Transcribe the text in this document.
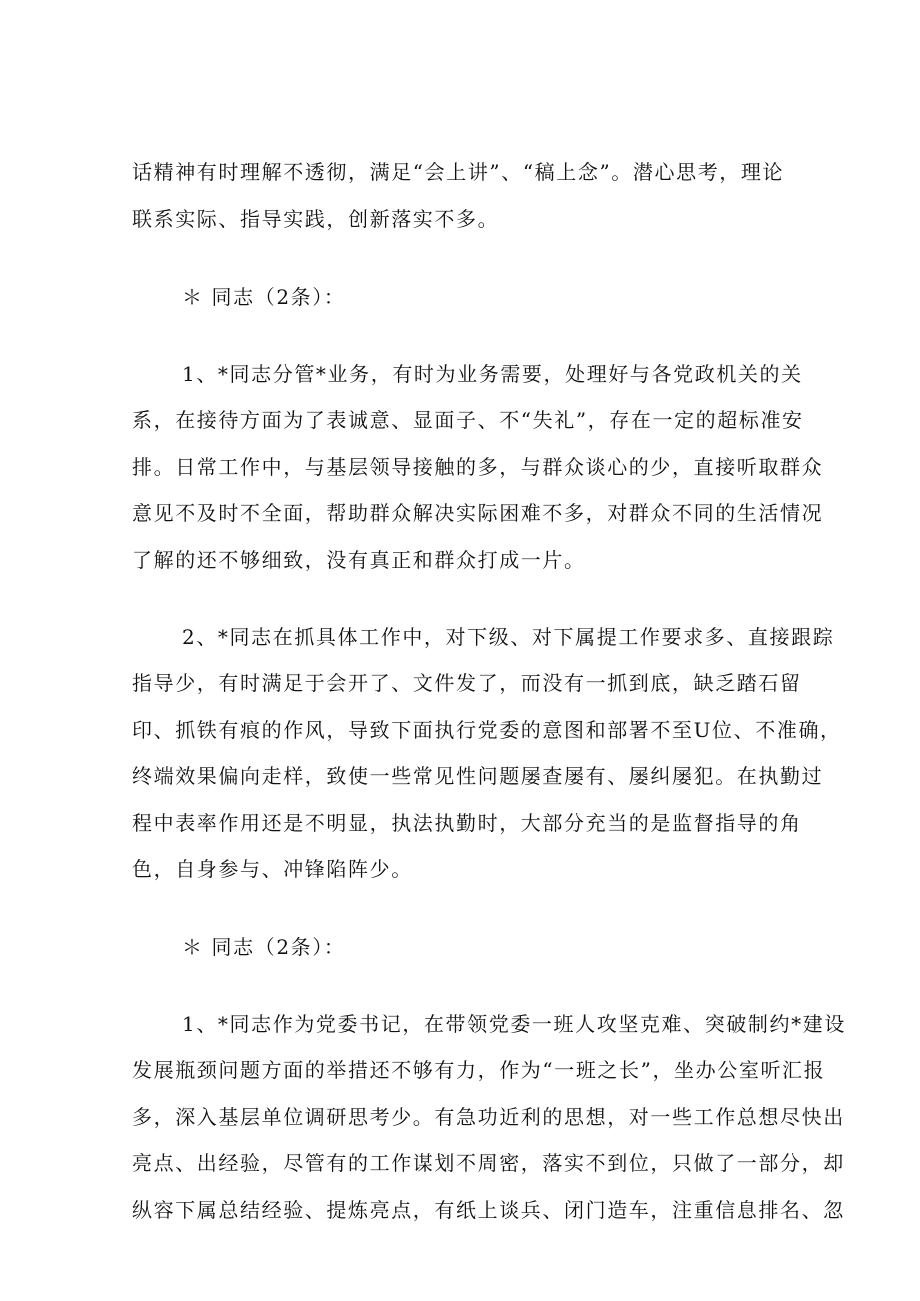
话精神有时理解不透彻，满足“会上讲”、“稿上念”。潜心思考，理论
联系实际、指导实践，创新落实不多。
＊ 同志（2条）：
1、*同志分管*业务，有时为业务需要，处理好与各党政机关的关
系，在接待方面为了表诚意、显面子、不“失礼”，存在一定的超标准安
排。日常工作中，与基层领导接触的多，与群众谈心的少，直接听取群众
意见不及时不全面，帮助群众解决实际困难不多，对群众不同的生活情况
了解的还不够细致，没有真正和群众打成一片。
2、*同志在抓具体工作中，对下级、对下属提工作要求多、直接跟踪
指导少，有时满足于会开了、文件发了，而没有一抓到底，缺乏踏石留
印、抓铁有痕的作风，导致下面执行党委的意图和部署不至U位、不准确，
终端效果偏向走样，致使一些常见性问题屡查屡有、屡纠屡犯。在执勤过
程中表率作用还是不明显，执法执勤时，大部分充当的是监督指导的角
色，自身参与、冲锋陷阵少。
＊ 同志（2条）：
1、*同志作为党委书记，在带领党委一班人攻坚克难、突破制约*建设
发展瓶颈问题方面的举措还不够有力，作为“一班之长”，坐办公室听汇报
多，深入基层单位调研思考少。有急功近利的思想，对一些工作总想尽快出
亮点、出经验，尽管有的工作谋划不周密，落实不到位，只做了一部分，却
纵容下属总结经验、提炼亮点，有纸上谈兵、闭门造车，注重信息排名、忽
